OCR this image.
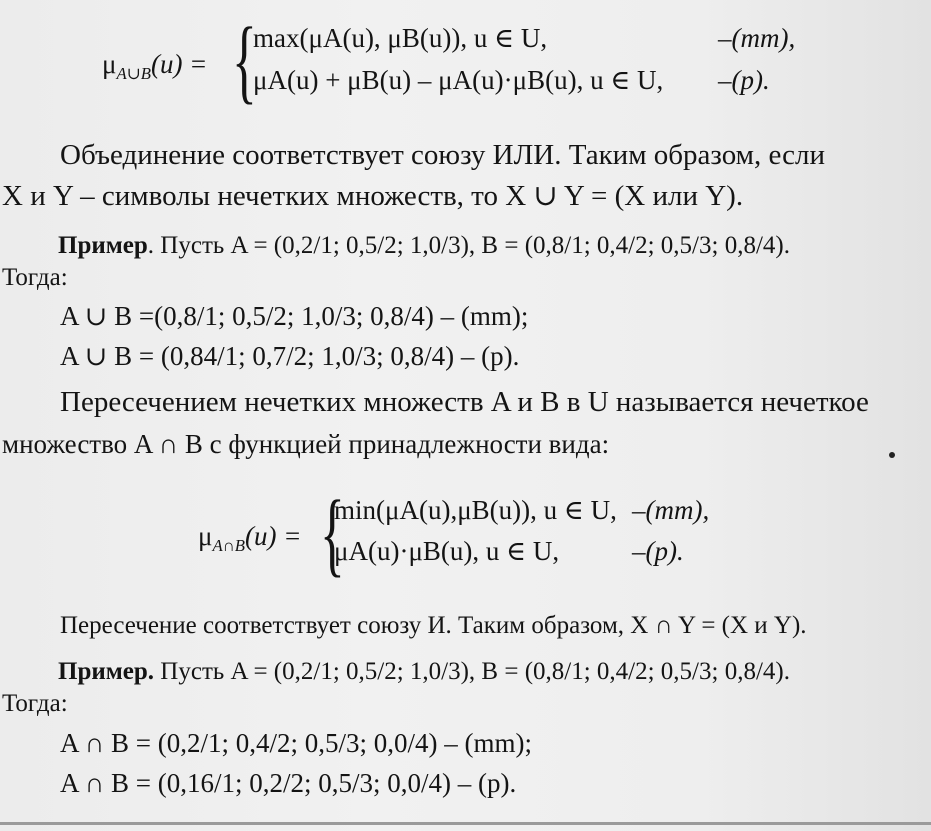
$\mu_{A\cup B}(u)$ = {
max(μA(u), μB(u)), u ∈ U,	–(mm),
μA(u) + μB(u) – μA(u)·μB(u), u ∈ U, –(p).
Объединение соответствует союзу ИЛИ. Таким образом, если
X и Y – символы нечетких множеств, то X ∪ Y = (X или Y).
Пример. Пусть A = (0,2/1; 0,5/2; 1,0/3), B = (0,8/1; 0,4/2; 0,5/3; 0,8/4).
Тогда:
A ∪ B =(0,8/1; 0,5/2; 1,0/3; 0,8/4) – (mm);
A ∪ B = (0,84/1; 0,7/2; 1,0/3; 0,8/4) – (p).
Пересечением нечетких множеств A и B в U называется нечеткое
множество A ∩ B с функцией принадлежности вида:
$\mu_{A\cap B}(u)$ = {
min(μA(u),μB(u)), u ∈ U, –(mm),
μA(u)·μB(u), u ∈ U,	–(p).
Пересечение соответствует союзу И. Таким образом, X ∩ Y = (X и Y).
Пример. Пусть A = (0,2/1; 0,5/2; 1,0/3), B = (0,8/1; 0,4/2; 0,5/3; 0,8/4).
Тогда:
A ∩ B = (0,2/1; 0,4/2; 0,5/3; 0,0/4) – (mm);
A ∩ B = (0,16/1; 0,2/2; 0,5/3; 0,0/4) – (p).
